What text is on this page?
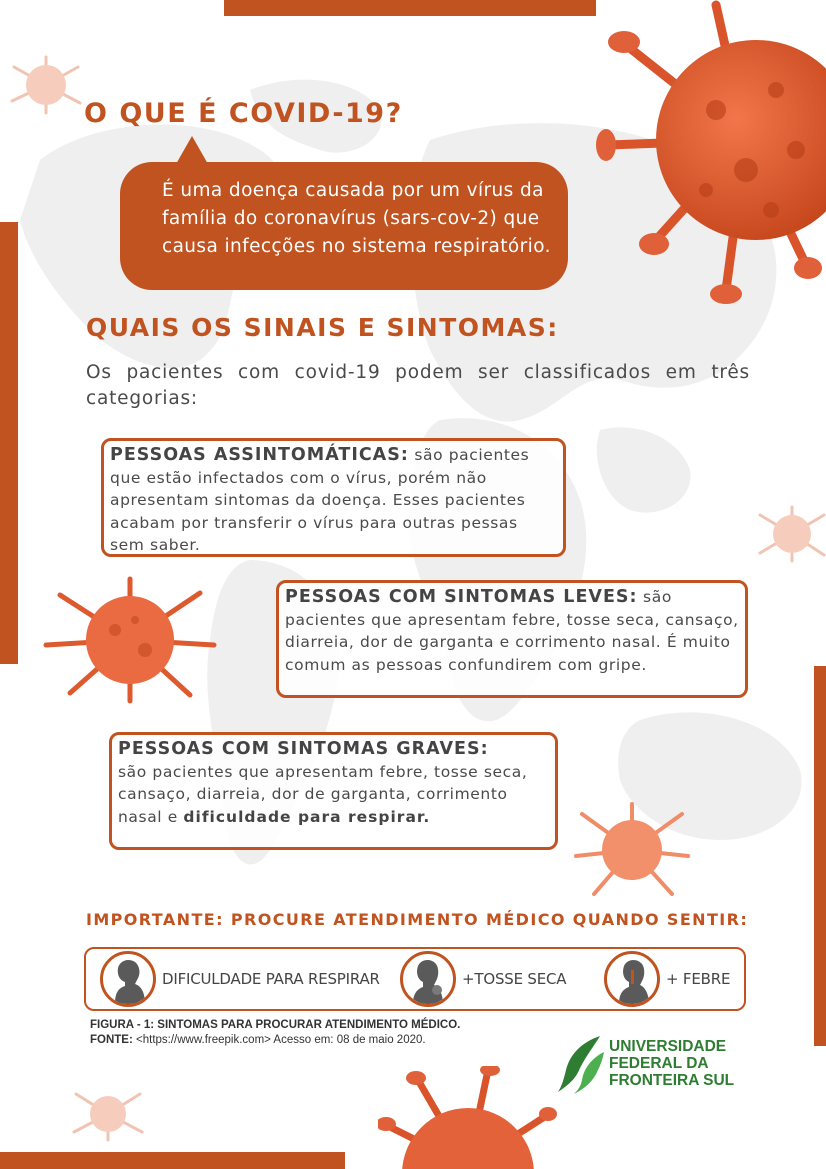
O QUE É COVID-19?
É uma doença causada por um vírus da família do coronavírus (sars-cov-2) que causa infecções no sistema respiratório.
QUAIS OS SINAIS E SINTOMAS:
Os pacientes com covid-19 podem ser classificados em três categorias:
PESSOAS ASSINTOMÁTICAS: são pacientes que estão infectados com o vírus, porém não apresentam sintomas da doença. Esses pacientes acabam por transferir o vírus para outras pessas sem saber.
PESSOAS COM SINTOMAS LEVES: são pacientes que apresentam febre, tosse seca, cansaço, diarreia, dor de garganta e corrimento nasal. É muito comum as pessoas confundirem com gripe.
PESSOAS COM SINTOMAS GRAVES:
são pacientes que apresentam febre, tosse seca, cansaço, diarreia, dor de garganta, corrimento nasal e dificuldade para respirar.
IMPORTANTE: PROCURE ATENDIMENTO MÉDICO QUANDO SENTIR:
DIFICULDADE PARA RESPIRAR	+TOSSE SECA	+ FEBRE
FIGURA - 1: SINTOMAS PARA PROCURAR ATENDIMENTO MÉDICO.
FONTE: <https://www.freepik.com> Acesso em: 08 de maio 2020.	UNIVERSIDADE
FEDERAL DA
FRONTEIRA SUL
